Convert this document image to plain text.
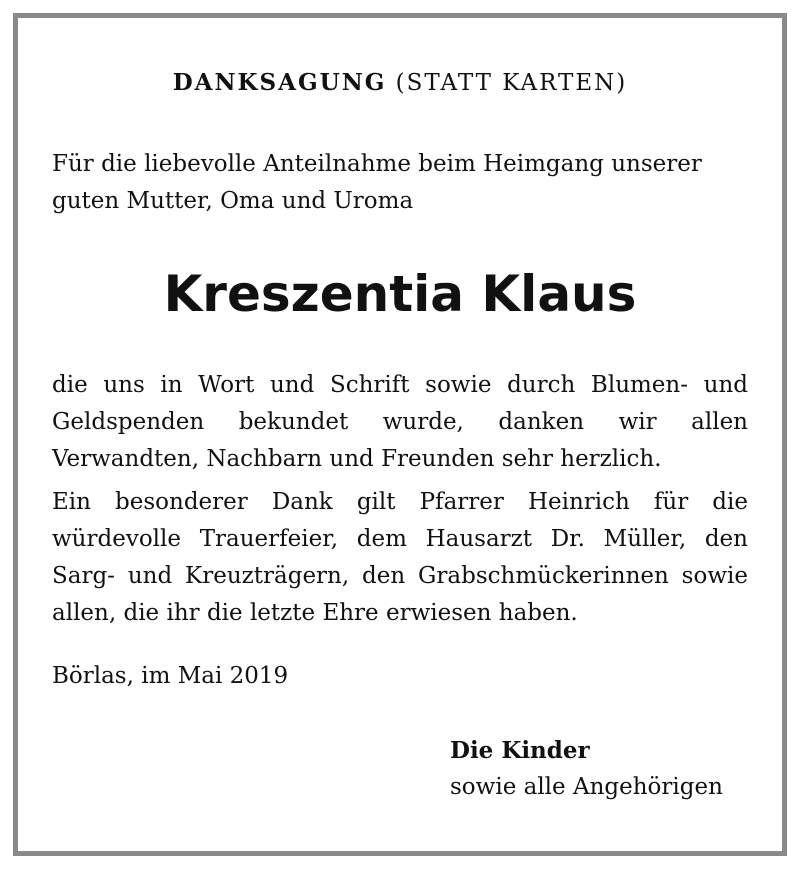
DANKSAGUNG (STATT KARTEN)

Für die liebevolle Anteilnahme beim Heimgang unserer guten Mutter, Oma und Uroma

Kreszentia Klaus

die uns in Wort und Schrift sowie durch Blumen- und Geldspenden bekundet wurde, danken wir allen Verwandten, Nachbarn und Freunden sehr herzlich.

Ein besonderer Dank gilt Pfarrer Heinrich für die würdevolle Trauerfeier, dem Hausarzt Dr. Müller, den Sarg- und Kreuzträgern, den Grabschmückerinnen sowie allen, die ihr die letzte Ehre erwiesen haben.

Börlas, im Mai 2019

Die Kinder
sowie alle Angehörigen
